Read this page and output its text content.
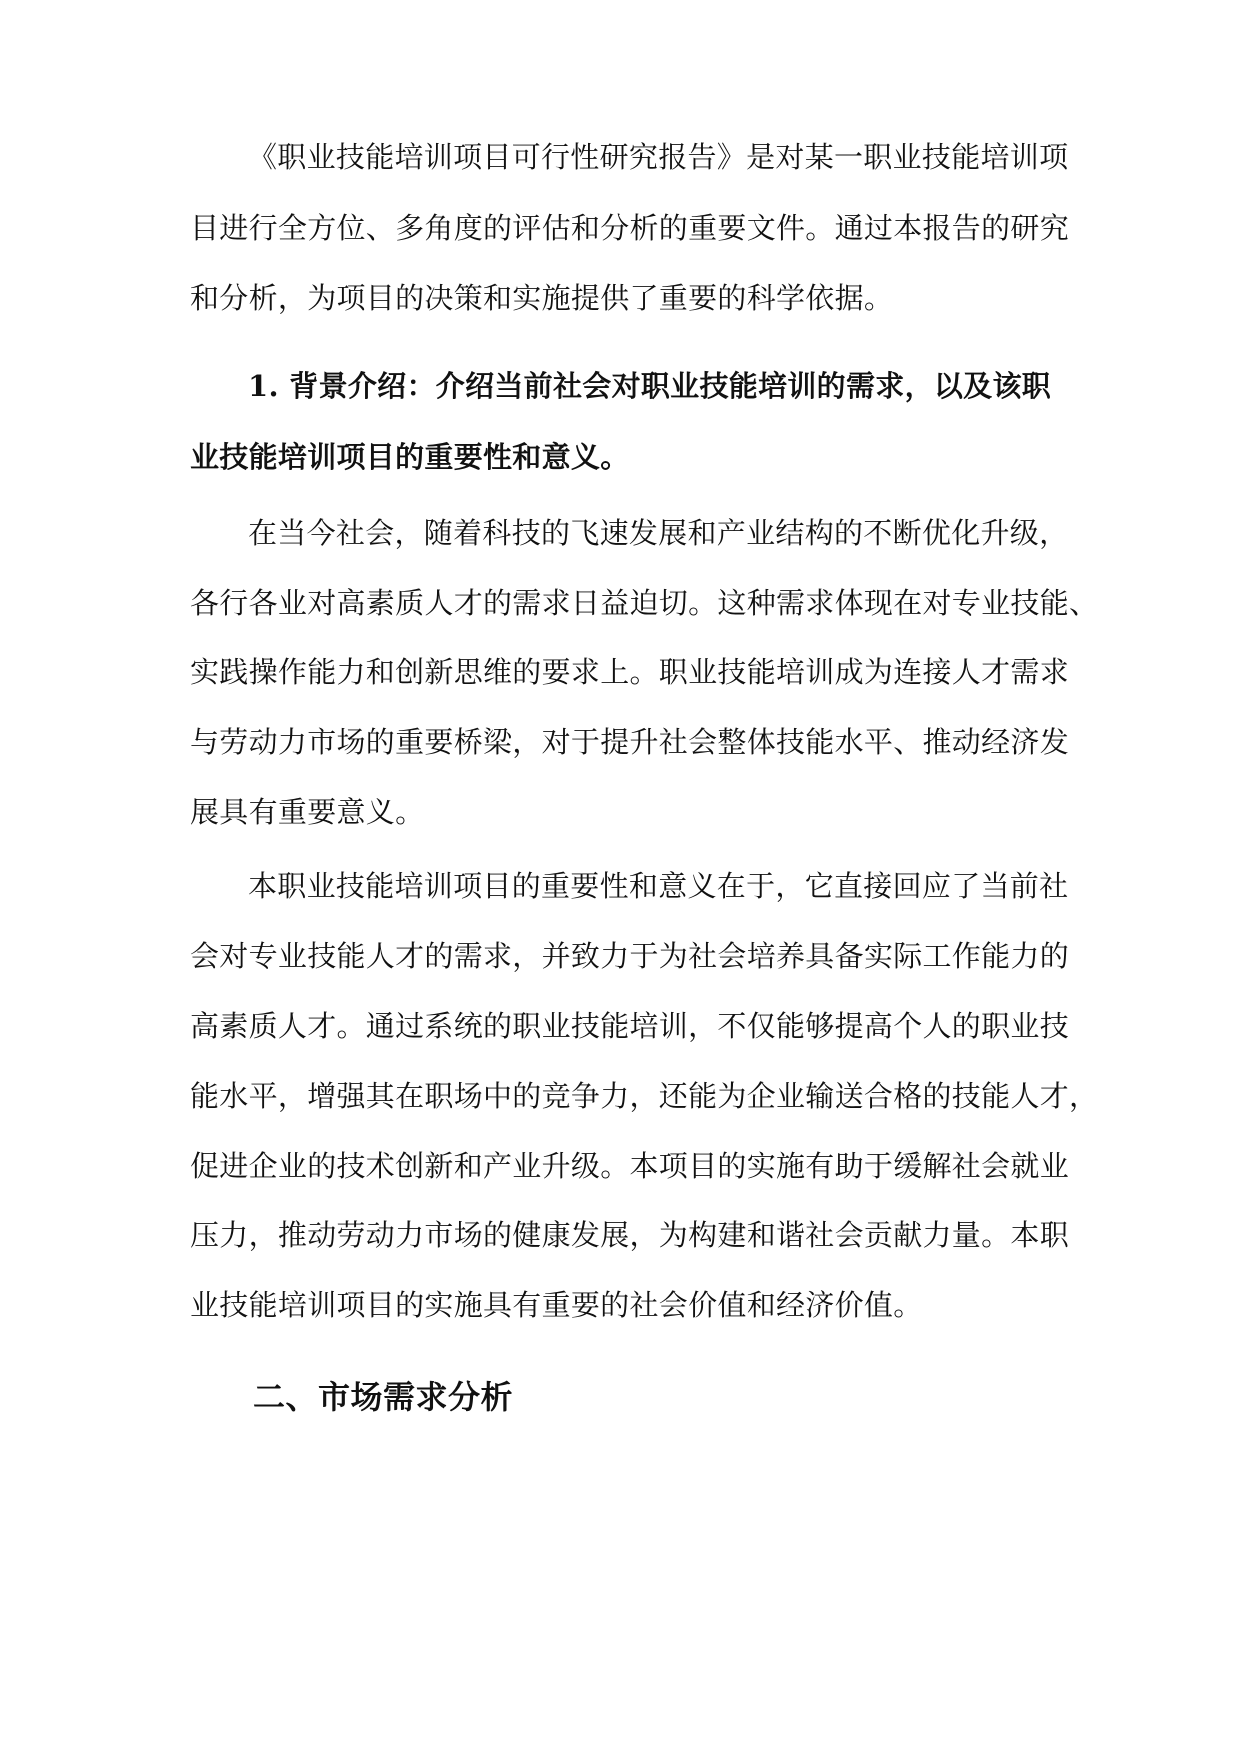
《职业技能培训项目可行性研究报告》是对某一职业技能培训项
目进行全方位、多角度的评估和分析的重要文件。通过本报告的研究
和分析，为项目的决策和实施提供了重要的科学依据。
1. 背景介绍：介绍当前社会对职业技能培训的需求，以及该职
业技能培训项目的重要性和意义。
在当今社会，随着科技的飞速发展和产业结构的不断优化升级，
各行各业对高素质人才的需求日益迫切。这种需求体现在对专业技能、
实践操作能力和创新思维的要求上。职业技能培训成为连接人才需求
与劳动力市场的重要桥梁，对于提升社会整体技能水平、推动经济发
展具有重要意义。
本职业技能培训项目的重要性和意义在于，它直接回应了当前社
会对专业技能人才的需求，并致力于为社会培养具备实际工作能力的
高素质人才。通过系统的职业技能培训，不仅能够提高个人的职业技
能水平，增强其在职场中的竞争力，还能为企业输送合格的技能人才，
促进企业的技术创新和产业升级。本项目的实施有助于缓解社会就业
压力，推动劳动力市场的健康发展，为构建和谐社会贡献力量。本职
业技能培训项目的实施具有重要的社会价值和经济价值。
二、市场需求分析
